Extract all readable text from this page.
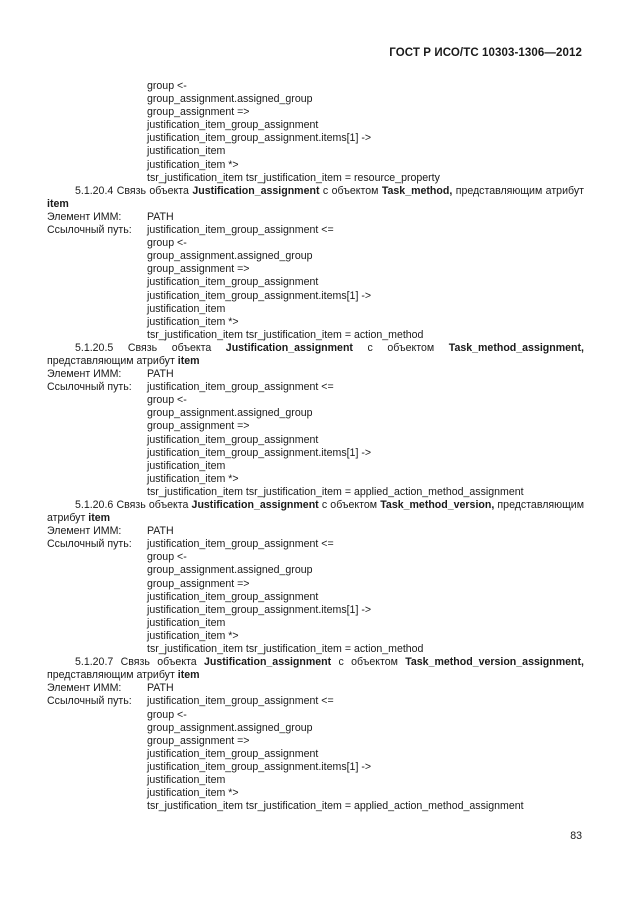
ГОСТ Р ИСО/ТС 10303-1306—2012
group <-
group_assignment.assigned_group
group_assignment =>
justification_item_group_assignment
justification_item_group_assignment.items[1] ->
justification_item
justification_item *>
tsr_justification_item tsr_justification_item = resource_property
5.1.20.4 Связь объекта Justification_assignment с объектом Task_method, представляющим атрибут item
Элемент ИММ:	PATH
Ссылочный путь:	justification_item_group_assignment <=
group <-
group_assignment.assigned_group
group_assignment =>
justification_item_group_assignment
justification_item_group_assignment.items[1] ->
justification_item
justification_item *>
tsr_justification_item tsr_justification_item = action_method
5.1.20.5 Связь объекта Justification_assignment с объектом Task_method_assignment, представляющим атрибут item
Элемент ИММ:	PATH
Ссылочный путь:	justification_item_group_assignment <=
group <-
group_assignment.assigned_group
group_assignment =>
justification_item_group_assignment
justification_item_group_assignment.items[1] ->
justification_item
justification_item *>
tsr_justification_item tsr_justification_item = applied_action_method_assignment
5.1.20.6 Связь объекта Justification_assignment с объектом Task_method_version, представляющим атрибут item
Элемент ИММ:	PATH
Ссылочный путь:	justification_item_group_assignment <=
group <-
group_assignment.assigned_group
group_assignment =>
justification_item_group_assignment
justification_item_group_assignment.items[1] ->
justification_item
justification_item *>
tsr_justification_item tsr_justification_item = action_method
5.1.20.7 Связь объекта Justification_assignment с объектом Task_method_version_assignment, представляющим атрибут item
Элемент ИММ:	PATH
Ссылочный путь:	justification_item_group_assignment <=
group <-
group_assignment.assigned_group
group_assignment =>
justification_item_group_assignment
justification_item_group_assignment.items[1] ->
justification_item
justification_item *>
tsr_justification_item tsr_justification_item = applied_action_method_assignment
83
